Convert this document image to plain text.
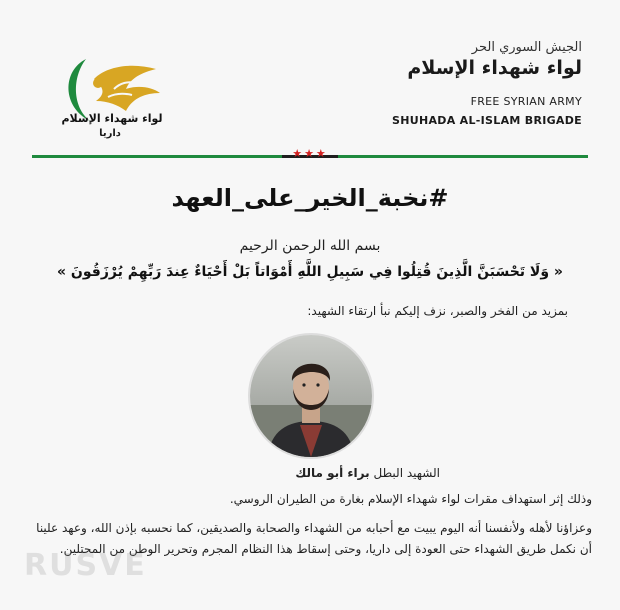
لواء شهداء الإسلام
داريا
الجيش السوري الحر
لواء شهداء الإسلام
FREE SYRIAN ARMY
SHUHADA AL-ISLAM BRIGADE
★★★
#نخبة_الخير_على_العهد
بسم الله الرحمن الرحيم
« وَلَا تَحْسَبَنَّ الَّذِينَ قُتِلُوا فِي سَبِيلِ اللَّهِ أَمْوَاتاً بَلْ أَحْيَاءٌ عِندَ رَبِّهِمْ يُرْزَقُونَ »
بمزيد من الفخر والصبر، نزف إليكم نبأ ارتقاء الشهيد:
الشهيد البطل براء أبو مالك
وذلك إثر استهداف مقرات لواء شهداء الإسلام بغارة من الطيران الروسي.
وعزاؤنا لأهله ولأنفسنا أنه اليوم يبيت مع أحبابه من الشهداء والصحابة والصديقين، كما نحسبه بإذن الله، وعهد علينا أن نكمل طريق الشهداء حتى العودة إلى داريا، وحتى إسقاط هذا النظام المجرم وتحرير الوطن من المحتلين.
RUSVE
